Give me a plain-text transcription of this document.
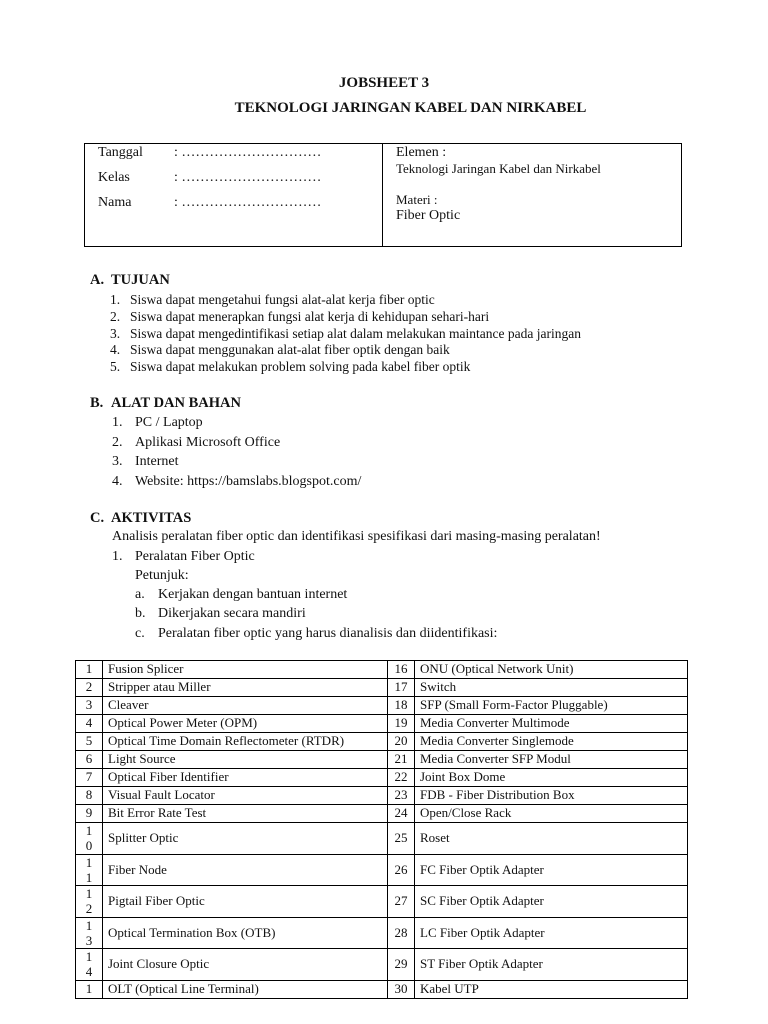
JOBSHEET 3
TEKNOLOGI JARINGAN KABEL DAN NIRKABEL
Tanggal : …………………………
Kelas	: …………………………
Nama	: …………………………
Elemen :
Teknologi Jaringan Kabel dan Nirkabel
Materi :
Fiber Optic
A. TUJUAN
1. Siswa dapat mengetahui fungsi alat-alat kerja fiber optic
2. Siswa dapat menerapkan fungsi alat kerja di kehidupan sehari-hari
3. Siswa dapat mengedintifikasi setiap alat dalam melakukan maintance pada jaringan
4. Siswa dapat menggunakan alat-alat fiber optik dengan baik
5. Siswa dapat melakukan problem solving pada kabel fiber optik
B. ALAT DAN BAHAN
1. PC / Laptop
2. Aplikasi Microsoft Office
3. Internet
4. Website: https://bamslabs.blogspot.com/
C. AKTIVITAS
Analisis peralatan fiber optic dan identifikasi spesifikasi dari masing-masing peralatan!
1. Peralatan Fiber Optic
Petunjuk:
a. Kerjakan dengan bantuan internet
b. Dikerjakan secara mandiri
c. Peralatan fiber optic yang harus dianalisis dan diidentifikasi:
1	Fusion Splicer	16	ONU (Optical Network Unit)
2	Stripper atau Miller	17	Switch
3	Cleaver	18	SFP (Small Form-Factor Pluggable)
4	Optical Power Meter (OPM)	19	Media Converter Multimode
5	Optical Time Domain Reflectometer (RTDR)	20	Media Converter Singlemode
6	Light Source	21	Media Converter SFP Modul
7	Optical Fiber Identifier	22	Joint Box Dome
8	Visual Fault Locator	23	FDB - Fiber Distribution Box
9	Bit Error Rate Test	24	Open/Close Rack
10	Splitter Optic	25	Roset
11	Fiber Node	26	FC Fiber Optik Adapter
12	Pigtail Fiber Optic	27	SC Fiber Optik Adapter
13	Optical Termination Box (OTB)	28	LC Fiber Optik Adapter
14	Joint Closure Optic	29	ST Fiber Optik Adapter
1	OLT (Optical Line Terminal)	30	Kabel UTP
